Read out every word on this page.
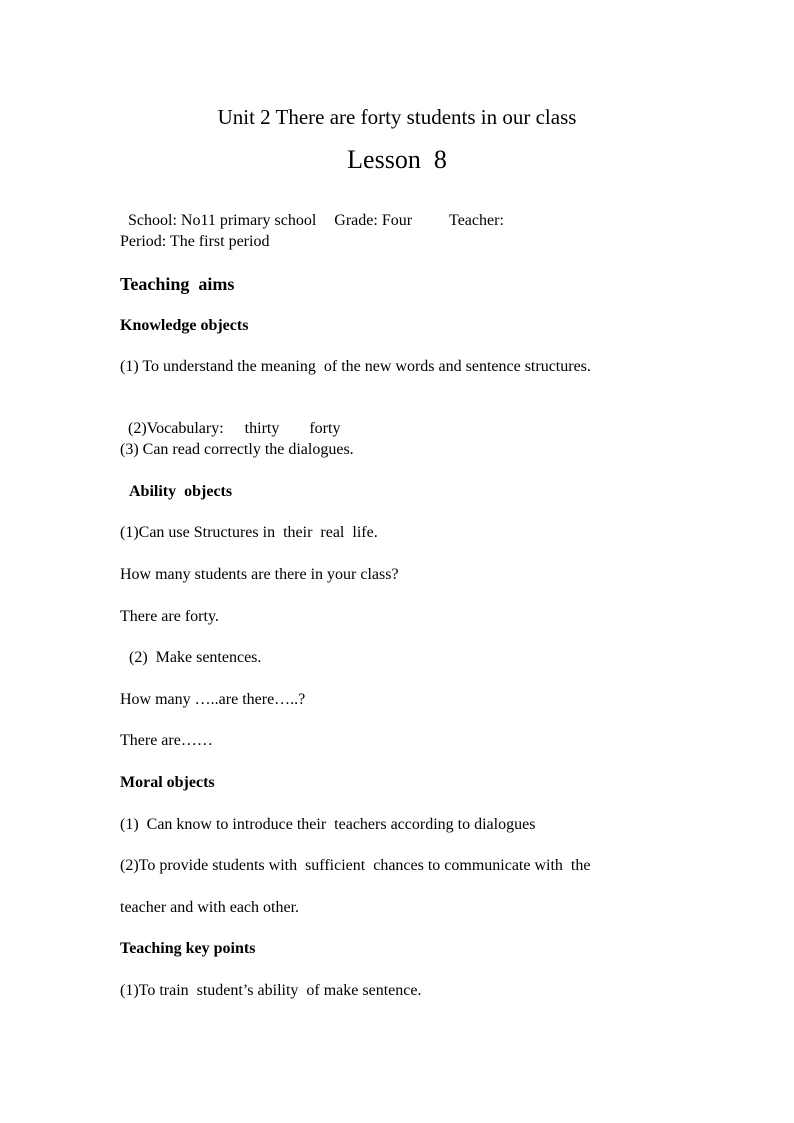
Unit 2 There are forty students in our class
Lesson  8

School: No11 primary school Grade: Four Teacher:

Period: The first period
Teaching  aims
Knowledge objects
(1) To understand the meaning  of the new words and sentence structures.

(2)Vocabulary: thirty forty

(3) Can read correctly the dialogues.
Ability  objects
(1)Can use Structures in  their  real  life.
How many students are there in your class?
There are forty.
(2)  Make sentences.
How many …..are there…..?
There are……
Moral objects
(1)  Can know to introduce their  teachers according to dialogues
(2)To provide students with  sufficient  chances to communicate with  the
teacher and with each other.
Teaching key points
(1)To train  student’s ability  of make sentence.
